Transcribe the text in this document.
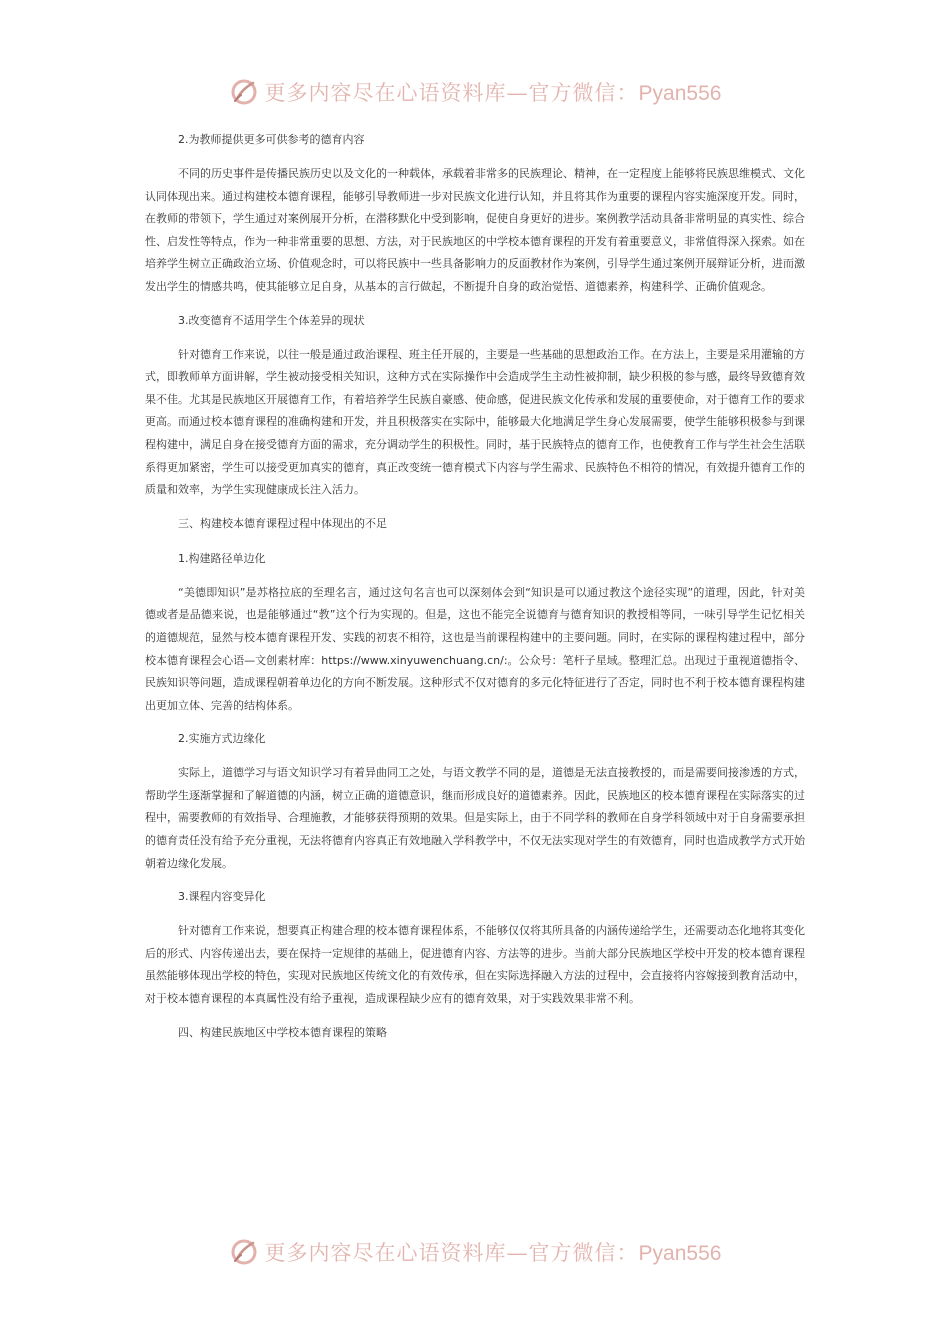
更多内容尽在心语资料库—官方微信：Pyan556

2.为教师提供更多可供参考的德育内容

不同的历史事件是传播民族历史以及文化的一种载体，承载着非常多的民族理论、精神，在一定程度上能够将民族思维模式、文化认同体现出来。通过构建校本德育课程，能够引导教师进一步对民族文化进行认知，并且将其作为重要的课程内容实施深度开发。同时，在教师的带领下，学生通过对案例展开分析，在潜移默化中受到影响，促使自身更好的进步。案例教学活动具备非常明显的真实性、综合性、启发性等特点，作为一种非常重要的思想、方法，对于民族地区的中学校本德育课程的开发有着重要意义，非常值得深入探索。如在培养学生树立正确政治立场、价值观念时，可以将民族中一些具备影响力的反面教材作为案例，引导学生通过案例开展辩证分析，进而激发出学生的情感共鸣，使其能够立足自身，从基本的言行做起，不断提升自身的政治觉悟、道德素养，构建科学、正确价值观念。

3.改变德育不适用学生个体差异的现状

针对德育工作来说，以往一般是通过政治课程、班主任开展的，主要是一些基础的思想政治工作。在方法上，主要是采用灌输的方式，即教师单方面讲解，学生被动接受相关知识，这种方式在实际操作中会造成学生主动性被抑制，缺少积极的参与感，最终导致德育效果不佳。尤其是民族地区开展德育工作，有着培养学生民族自豪感、使命感，促进民族文化传承和发展的重要使命，对于德育工作的要求更高。而通过校本德育课程的准确构建和开发，并且积极落实在实际中，能够最大化地满足学生身心发展需要，使学生能够积极参与到课程构建中，满足自身在接受德育方面的需求，充分调动学生的积极性。同时，基于民族特点的德育工作，也使教育工作与学生社会生活联系得更加紧密，学生可以接受更加真实的德育，真正改变统一德育模式下内容与学生需求、民族特色不相符的情况，有效提升德育工作的质量和效率，为学生实现健康成长注入活力。

三、构建校本德育课程过程中体现出的不足

1.构建路径单边化

“美德即知识”是苏格拉底的至理名言，通过这句名言也可以深刻体会到“知识是可以通过教这个途径实现”的道理，因此，针对美德或者是品德来说，也是能够通过“教”这个行为实现的。但是，这也不能完全说德育与德育知识的教授相等同，一味引导学生记忆相关的道德规范，显然与校本德育课程开发、实践的初衷不相符，这也是当前课程构建中的主要问题。同时，在实际的课程构建过程中，部分校本德育课程会心语—文创素材库：https://www.xinyuwenchuang.cn/:。公众号：笔杆子星域。整理汇总。出现过于重视道德指令、民族知识等问题，造成课程朝着单边化的方向不断发展。这种形式不仅对德育的多元化特征进行了否定，同时也不利于校本德育课程构建出更加立体、完善的结构体系。

2.实施方式边缘化

实际上，道德学习与语文知识学习有着异曲同工之处，与语文教学不同的是，道德是无法直接教授的，而是需要间接渗透的方式，帮助学生逐渐掌握和了解道德的内涵，树立正确的道德意识，继而形成良好的道德素养。因此，民族地区的校本德育课程在实际落实的过程中，需要教师的有效指导、合理施教，才能够获得预期的效果。但是实际上，由于不同学科的教师在自身学科领域中对于自身需要承担的德育责任没有给予充分重视，无法将德育内容真正有效地融入学科教学中，不仅无法实现对学生的有效德育，同时也造成教学方式开始朝着边缘化发展。

3.课程内容变异化

针对德育工作来说，想要真正构建合理的校本德育课程体系，不能够仅仅将其所具备的内涵传递给学生，还需要动态化地将其变化后的形式、内容传递出去，要在保持一定规律的基础上，促进德育内容、方法等的进步。当前大部分民族地区学校中开发的校本德育课程虽然能够体现出学校的特色，实现对民族地区传统文化的有效传承，但在实际选择融入方法的过程中，会直接将内容嫁接到教育活动中，对于校本德育课程的本真属性没有给予重视，造成课程缺少应有的德育效果，对于实践效果非常不利。

四、构建民族地区中学校本德育课程的策略

更多内容尽在心语资料库—官方微信：Pyan556
